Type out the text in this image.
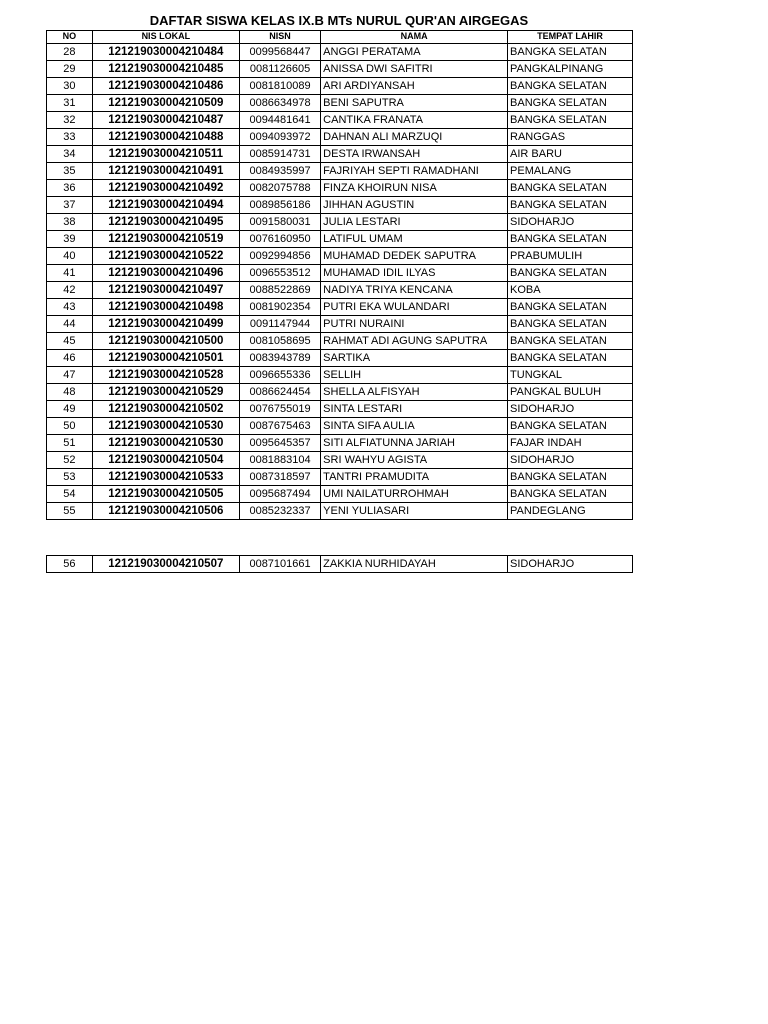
DAFTAR SISWA KELAS IX.B MTs NURUL QUR'AN AIRGEGAS
NO	NIS LOKAL	NISN	NAMA	TEMPAT LAHIR
28	121219030004210484	0099568447	ANGGI PERATAMA	BANGKA SELATAN
29	121219030004210485	0081126605	ANISSA DWI SAFITRI	PANGKALPINANG
30	121219030004210486	0081810089	ARI ARDIYANSAH	BANGKA SELATAN
31	121219030004210509	0086634978	BENI SAPUTRA	BANGKA SELATAN
32	121219030004210487	0094481641	CANTIKA FRANATA	BANGKA SELATAN
33	121219030004210488	0094093972	DAHNAN ALI MARZUQI	RANGGAS
34	121219030004210511	0085914731	DESTA IRWANSAH	AIR BARU
35	121219030004210491	0084935997	FAJRIYAH SEPTI RAMADHANI	PEMALANG
36	121219030004210492	0082075788	FINZA KHOIRUN NISA	BANGKA SELATAN
37	121219030004210494	0089856186	JIHHAN AGUSTIN	BANGKA SELATAN
38	121219030004210495	0091580031	JULIA LESTARI	SIDOHARJO
39	121219030004210519	0076160950	LATIFUL UMAM	BANGKA SELATAN
40	121219030004210522	0092994856	MUHAMAD DEDEK SAPUTRA	PRABUMULIH
41	121219030004210496	0096553512	MUHAMAD IDIL ILYAS	BANGKA SELATAN
42	121219030004210497	0088522869	NADIYA TRIYA KENCANA	KOBA
43	121219030004210498	0081902354	PUTRI EKA WULANDARI	BANGKA SELATAN
44	121219030004210499	0091147944	PUTRI NURAINI	BANGKA SELATAN
45	121219030004210500	0081058695	RAHMAT ADI AGUNG SAPUTRA	BANGKA SELATAN
46	121219030004210501	0083943789	SARTIKA	BANGKA SELATAN
47	121219030004210528	0096655336	SELLIH	TUNGKAL
48	121219030004210529	0086624454	SHELLA ALFISYAH	PANGKAL BULUH
49	121219030004210502	0076755019	SINTA LESTARI	SIDOHARJO
50	121219030004210530	0087675463	SINTA SIFA AULIA	BANGKA SELATAN
51	121219030004210530	0095645357	SITI ALFIATUNNA JARIAH	FAJAR INDAH
52	121219030004210504	0081883104	SRI WAHYU AGISTA	SIDOHARJO
53	121219030004210533	0087318597	TANTRI PRAMUDITA	BANGKA SELATAN
54	121219030004210505	0095687494	UMI NAILATURROHMAH	BANGKA SELATAN
55	121219030004210506	0085232337	YENI YULIASARI	PANDEGLANG
56	121219030004210507	0087101661	ZAKKIA NURHIDAYAH	SIDOHARJO
